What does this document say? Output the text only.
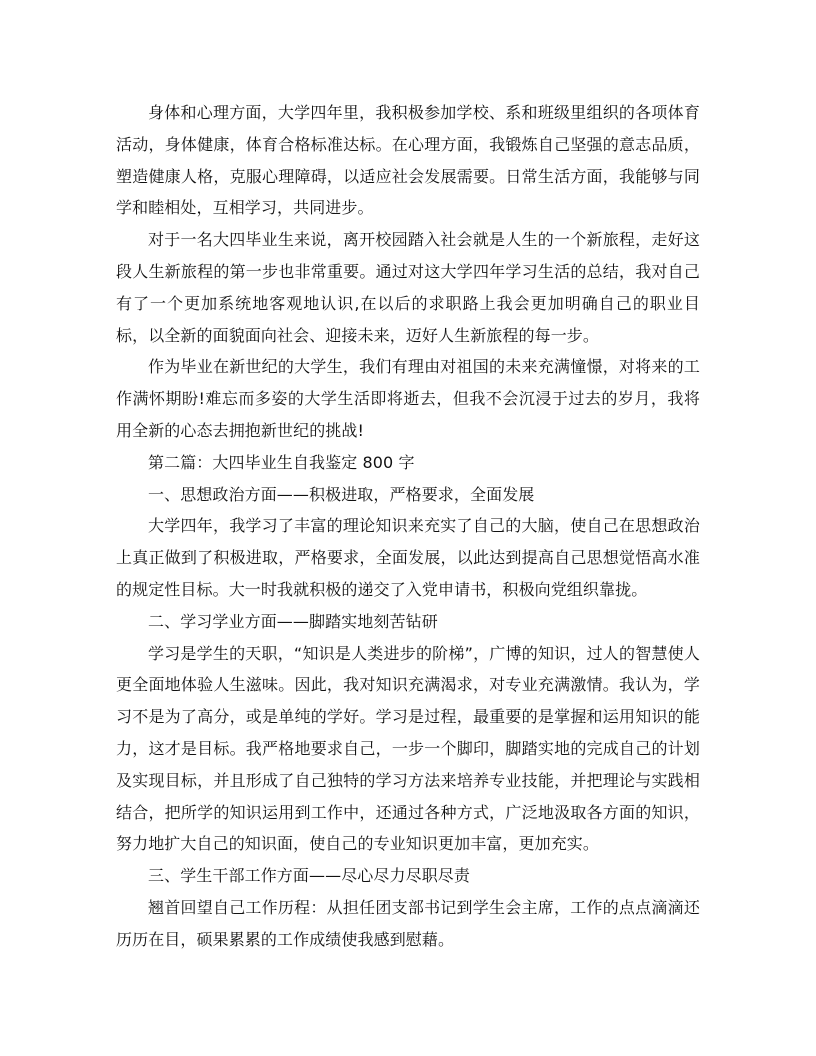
身体和心理方面，大学四年里，我积极参加学校、系和班级里组织的各项体育活动，身体健康，体育合格标准达标。在心理方面，我锻炼自己坚强的意志品质，塑造健康人格，克服心理障碍，以适应社会发展需要。日常生活方面，我能够与同学和睦相处，互相学习，共同进步。

对于一名大四毕业生来说，离开校园踏入社会就是人生的一个新旅程，走好这段人生新旅程的第一步也非常重要。通过对这大学四年学习生活的总结，我对自己有了一个更加系统地客观地认识,在以后的求职路上我会更加明确自己的职业目标，以全新的面貌面向社会、迎接未来，迈好人生新旅程的每一步。

作为毕业在新世纪的大学生，我们有理由对祖国的未来充满憧憬，对将来的工作满怀期盼!难忘而多姿的大学生活即将逝去，但我不会沉浸于过去的岁月，我将用全新的心态去拥抱新世纪的挑战!

第二篇：大四毕业生自我鉴定 800 字

一、思想政治方面——积极进取，严格要求，全面发展

大学四年，我学习了丰富的理论知识来充实了自己的大脑，使自己在思想政治上真正做到了积极进取，严格要求，全面发展，以此达到提高自己思想觉悟高水准的规定性目标。大一时我就积极的递交了入党申请书，积极向党组织靠拢。

二、学习学业方面——脚踏实地刻苦钻研

学习是学生的天职，“知识是人类进步的阶梯”，广博的知识，过人的智慧使人更全面地体验人生滋味。因此，我对知识充满渴求，对专业充满激情。我认为，学习不是为了高分，或是单纯的学好。学习是过程，最重要的是掌握和运用知识的能力，这才是目标。我严格地要求自己，一步一个脚印，脚踏实地的完成自己的计划及实现目标，并且形成了自己独特的学习方法来培养专业技能，并把理论与实践相结合，把所学的知识运用到工作中，还通过各种方式，广泛地汲取各方面的知识，努力地扩大自己的知识面，使自己的专业知识更加丰富，更加充实。

三、学生干部工作方面——尽心尽力尽职尽责

翘首回望自己工作历程：从担任团支部书记到学生会主席，工作的点点滴滴还历历在目，硕果累累的工作成绩使我感到慰藉。
